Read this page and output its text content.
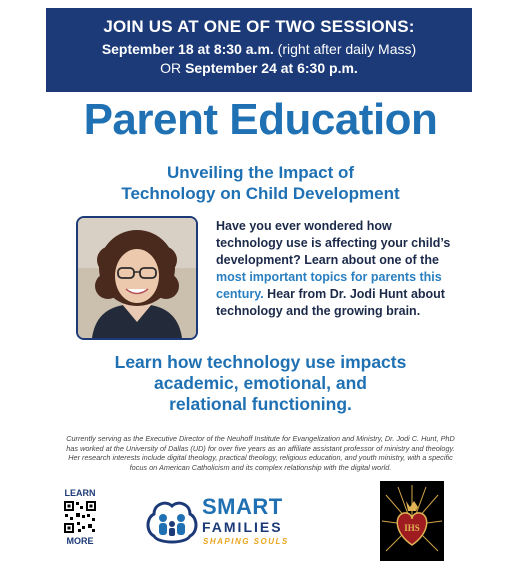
JOIN US AT ONE OF TWO SESSIONS:
September 18 at 8:30 a.m. (right after daily Mass)
OR September 24 at 6:30 p.m.
Parent Education
Unveiling the Impact of
Technology on Child Development
Have you ever wondered how technology use is affecting your child’s development? Learn about one of the most important topics for parents this century. Hear from Dr. Jodi Hunt about technology and the growing brain.
Learn how technology use impacts
academic, emotional, and
relational functioning.
Currently serving as the Executive Director of the Neuhoff Institute for Evangelization and Ministry, Dr. Jodi C. Hunt, PhD has worked at the University of Dallas (UD) for over five years as an affiliate assistant professor of ministry and theology. Her research interests include digital theology, practical theology, religious education, and youth ministry, with a specific focus on American Catholicism and its complex relationship with the digital world.
LEARN
MORE
SMART
FAMILIES
SHAPING SOULS
IHS
